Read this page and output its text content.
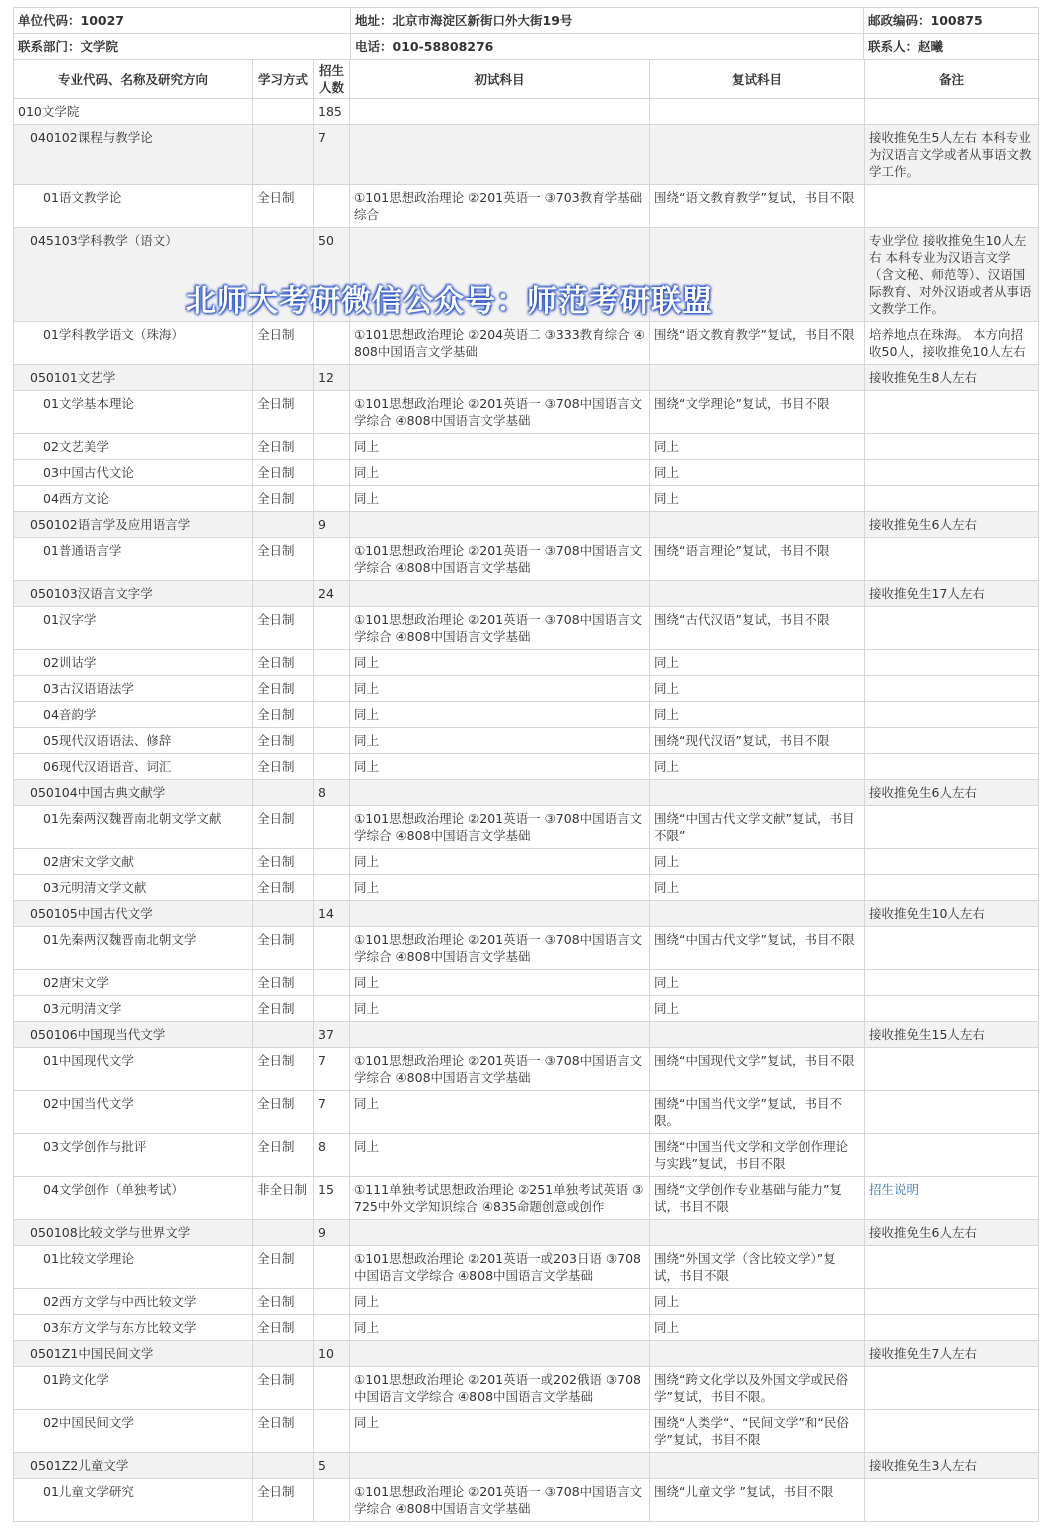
单位代码：10027	地址：北京市海淀区新街口外大街19号	邮政编码：100875
联系部门：文学院	电话：010-58808276	联系人：赵曦
专业代码、名称及研究方向	学习方式	招生人数	初试科目	复试科目	备注
010文学院		185			
040102课程与教学论		7			接收推免生5人左右 本科专业为汉语言文学或者从事语文教学工作。
01语文教学论	全日制		①101思想政治理论 ②201英语一 ③703教育学基础综合	围绕“语文教育教学”复试，书目不限	
045103学科教学（语文）		50			专业学位 接收推免生10人左右 本科专业为汉语言文学（含文秘、师范等）、汉语国际教育、对外汉语或者从事语文教学工作。
01学科教学语文（珠海）	全日制		①101思想政治理论 ②204英语二 ③333教育综合 ④808中国语言文学基础	围绕“语文教育教学”复试，书目不限	培养地点在珠海。 本方向招收50人，接收推免10人左右
050101文艺学		12			接收推免生8人左右
01文学基本理论	全日制		①101思想政治理论 ②201英语一 ③708中国语言文学综合 ④808中国语言文学基础	围绕“文学理论”复试，书目不限	
02文艺美学	全日制		同上	同上	
03中国古代文论	全日制		同上	同上	
04西方文论	全日制		同上	同上	
050102语言学及应用语言学		9			接收推免生6人左右
01普通语言学	全日制		①101思想政治理论 ②201英语一 ③708中国语言文学综合 ④808中国语言文学基础	围绕“语言理论”复试，书目不限	
050103汉语言文字学		24			接收推免生17人左右
01汉字学	全日制		①101思想政治理论 ②201英语一 ③708中国语言文学综合 ④808中国语言文学基础	围绕“古代汉语”复试，书目不限	
02训诂学	全日制		同上	同上	
03古汉语语法学	全日制		同上	同上	
04音韵学	全日制		同上	同上	
05现代汉语语法、修辞	全日制		同上	围绕“现代汉语”复试，书目不限	
06现代汉语语音、词汇	全日制		同上	同上	
050104中国古典文献学		8			接收推免生6人左右
01先秦两汉魏晋南北朝文学文献	全日制		①101思想政治理论 ②201英语一 ③708中国语言文学综合 ④808中国语言文学基础	围绕“中国古代文学文献”复试，书目不限”	
02唐宋文学文献	全日制		同上	同上	
03元明清文学文献	全日制		同上	同上	
050105中国古代文学		14			接收推免生10人左右
01先秦两汉魏晋南北朝文学	全日制		①101思想政治理论 ②201英语一 ③708中国语言文学综合 ④808中国语言文学基础	围绕“中国古代文学”复试，书目不限	
02唐宋文学	全日制		同上	同上	
03元明清文学	全日制		同上	同上	
050106中国现当代文学		37			接收推免生15人左右
01中国现代文学	全日制	7	①101思想政治理论 ②201英语一 ③708中国语言文学综合 ④808中国语言文学基础	围绕“中国现代文学”复试，书目不限	
02中国当代文学	全日制	7	同上	围绕“中国当代文学”复试，书目不限。	
03文学创作与批评	全日制	8	同上	围绕“中国当代文学和文学创作理论与实践”复试，书目不限	
04文学创作（单独考试）	非全日制	15	①111单独考试思想政治理论 ②251单独考试英语 ③725中外文学知识综合 ④835命题创意或创作	围绕“文学创作专业基础与能力”复试，书目不限	招生说明
050108比较文学与世界文学		9			接收推免生6人左右
01比较文学理论	全日制		①101思想政治理论 ②201英语一或203日语 ③708中国语言文学综合 ④808中国语言文学基础	围绕“外国文学（含比较文学）”复试，书目不限	
02西方文学与中西比较文学	全日制		同上	同上	
03东方文学与东方比较文学	全日制		同上	同上	
0501Z1中国民间文学		10			接收推免生7人左右
01跨文化学	全日制		①101思想政治理论 ②201英语一或202俄语 ③708中国语言文学综合 ④808中国语言文学基础	围绕“跨文化学以及外国文学或民俗学”复试，书目不限。	
02中国民间文学	全日制		同上	围绕“人类学“、“民间文学”和“民俗学”复试，书目不限	
0501Z2儿童文学		5			接收推免生3人左右
01儿童文学研究	全日制		①101思想政治理论 ②201英语一 ③708中国语言文学综合 ④808中国语言文学基础	围绕“儿童文学 ”复试，书目不限	
北师大考研微信公众号：师范考研联盟
